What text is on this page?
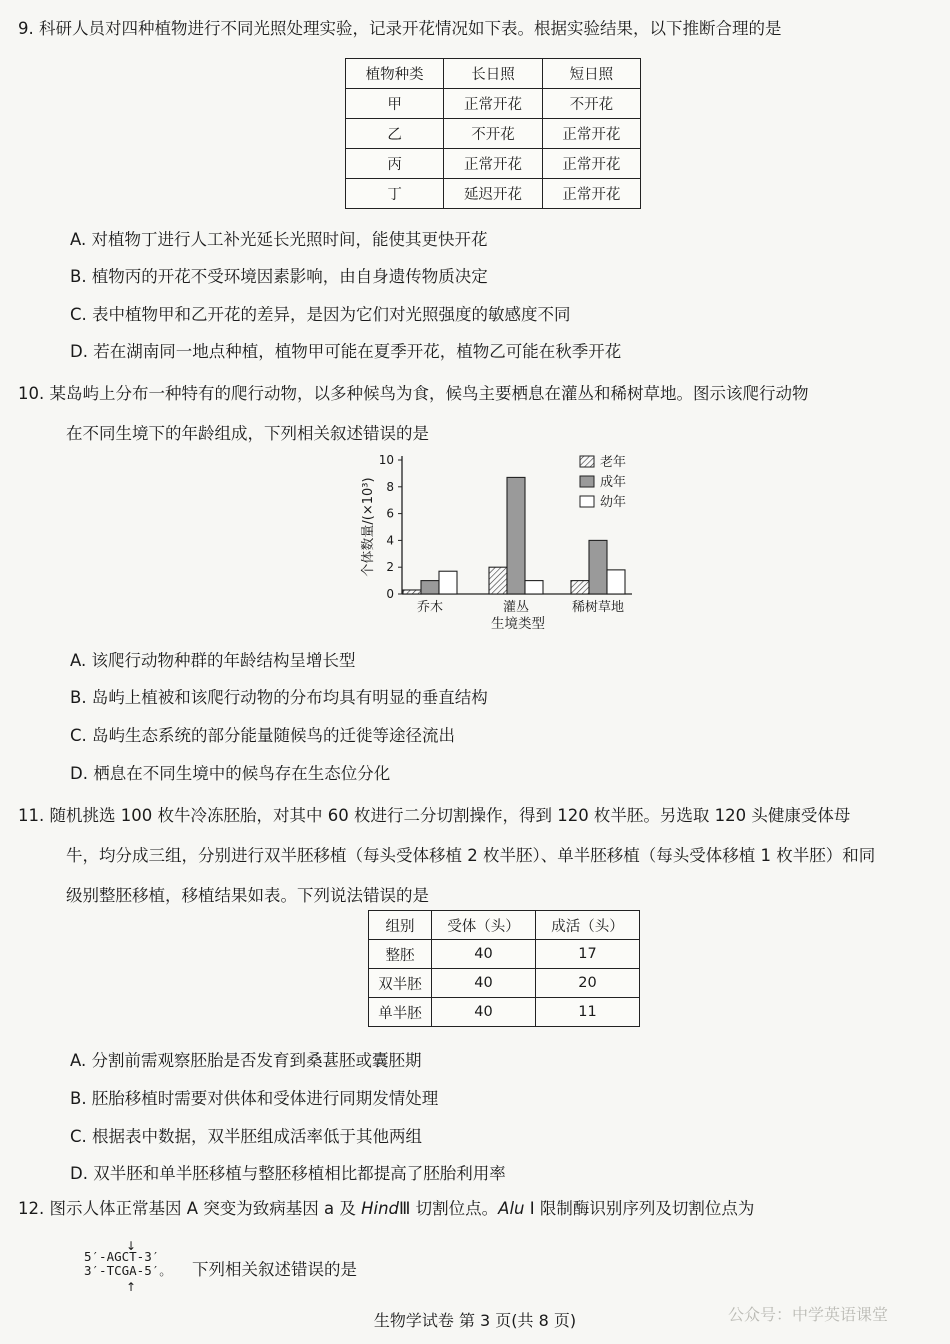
9. 科研人员对四种植物进行不同光照处理实验，记录开花情况如下表。根据实验结果，以下推断合理的是
植物种类	长日照	短日照
甲	正常开花	不开花
乙	不开花	正常开花
丙	正常开花	正常开花
丁	延迟开花	正常开花
A. 对植物丁进行人工补光延长光照时间，能使其更快开花
B. 植物丙的开花不受环境因素影响，由自身遗传物质决定
C. 表中植物甲和乙开花的差异，是因为它们对光照强度的敏感度不同
D. 若在湖南同一地点种植，植物甲可能在夏季开花，植物乙可能在秋季开花
10. 某岛屿上分布一种特有的爬行动物，以多种候鸟为食，候鸟主要栖息在灌丛和稀树草地。图示该爬行动物
在不同生境下的年龄组成，下列相关叙述错误的是
0
2
4
6
8
10
个体数量/(×10³)
乔木	灌丛	稀树草地
生境类型
老年
成年
幼年
A. 该爬行动物种群的年龄结构呈增长型
B. 岛屿上植被和该爬行动物的分布均具有明显的垂直结构
C. 岛屿生态系统的部分能量随候鸟的迁徙等途径流出
D. 栖息在不同生境中的候鸟存在生态位分化
11. 随机挑选 100 枚牛冷冻胚胎，对其中 60 枚进行二分切割操作，得到 120 枚半胚。另选取 120 头健康受体母
牛，均分成三组，分别进行双半胚移植（每头受体移植 2 枚半胚）、单半胚移植（每头受体移植 1 枚半胚）和同
级别整胚移植，移植结果如表。下列说法错误的是
组别	受体（头）	成活（头）
整胚	40	17
双半胚	40	20
单半胚	40	11
A. 分割前需观察胚胎是否发育到桑葚胚或囊胚期
B. 胚胎移植时需要对供体和受体进行同期发情处理
C. 根据表中数据，双半胚组成活率低于其他两组
D. 双半胚和单半胚移植与整胚移植相比都提高了胚胎利用率
12. 图示人体正常基因 A 突变为致病基因 a 及 HindⅢ 切割位点。Alu Ⅰ 限制酶识别序列及切割位点为
↓
5′-AGCT-3′
3′-TCGA-5′。
↑
下列相关叙述错误的是
生物学试卷 第 3 页(共 8 页)	公众号：中学英语课堂
